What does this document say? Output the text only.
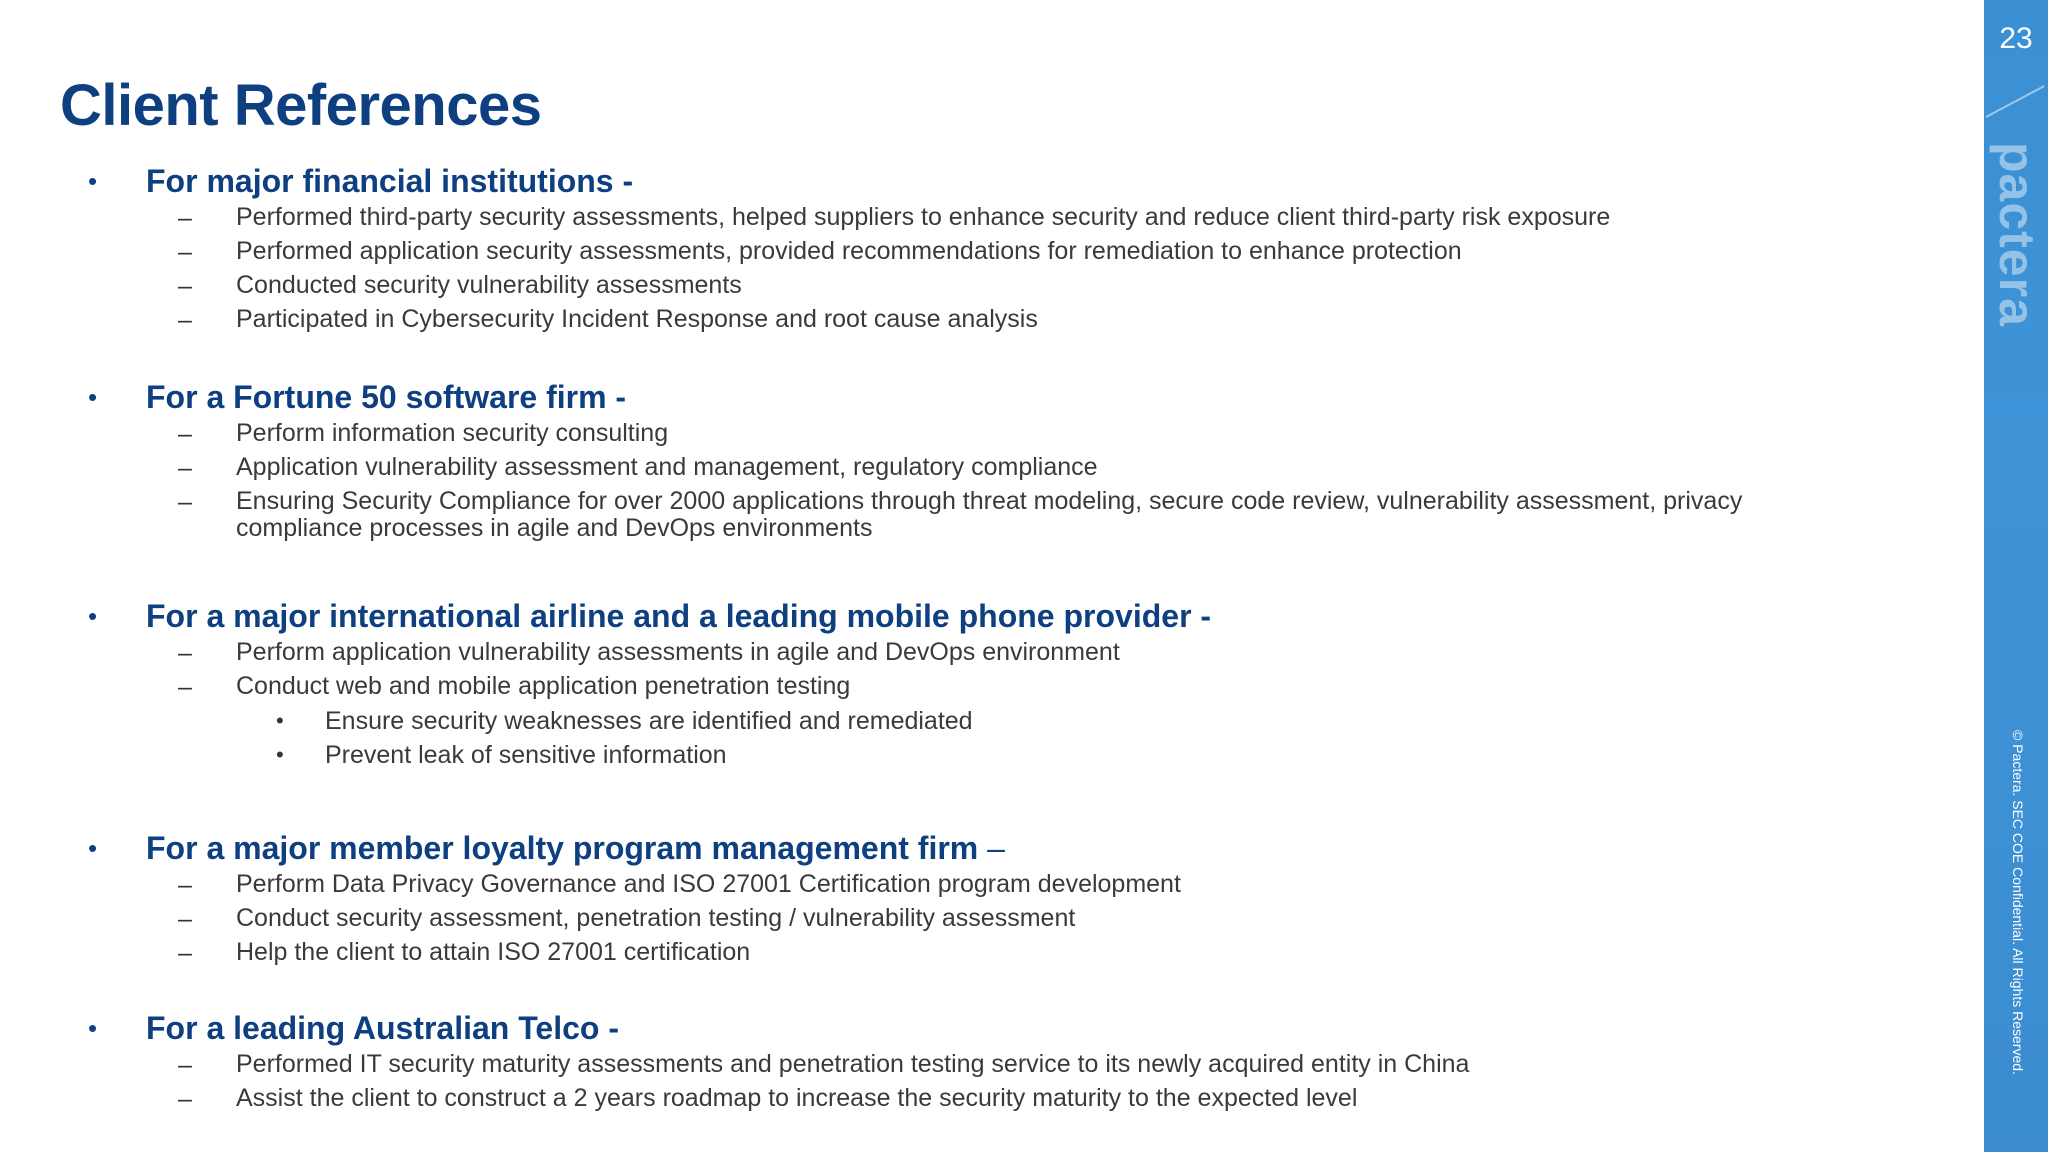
Client References
• For major financial institutions -
– Performed third-party security assessments, helped suppliers to enhance security and reduce client third-party risk exposure
– Performed application security assessments, provided recommendations for remediation to enhance protection
– Conducted security vulnerability assessments
– Participated in Cybersecurity Incident Response and root cause analysis
• For a Fortune 50 software firm -
– Perform information security consulting
– Application vulnerability assessment and management, regulatory compliance
– Ensuring Security Compliance for over 2000 applications through threat modeling, secure code review, vulnerability assessment, privacy compliance processes in agile and DevOps environments
• For a major international airline and a leading mobile phone provider -
– Perform application vulnerability assessments in agile and DevOps environment
– Conduct web and mobile application penetration testing
• Ensure security weaknesses are identified and remediated
• Prevent leak of sensitive information
• For a major member loyalty program management firm –
– Perform Data Privacy Governance and ISO 27001 Certification program development
– Conduct security assessment, penetration testing / vulnerability assessment
– Help the client to attain ISO 27001 certification
• For a leading Australian Telco -
– Performed IT security maturity assessments and penetration testing service to its newly acquired entity in China
– Assist the client to construct a 2 years roadmap to increase the security maturity to the expected level
23
pactera
© Pactera. SEC COE Confidential. All Rights Reserved.
